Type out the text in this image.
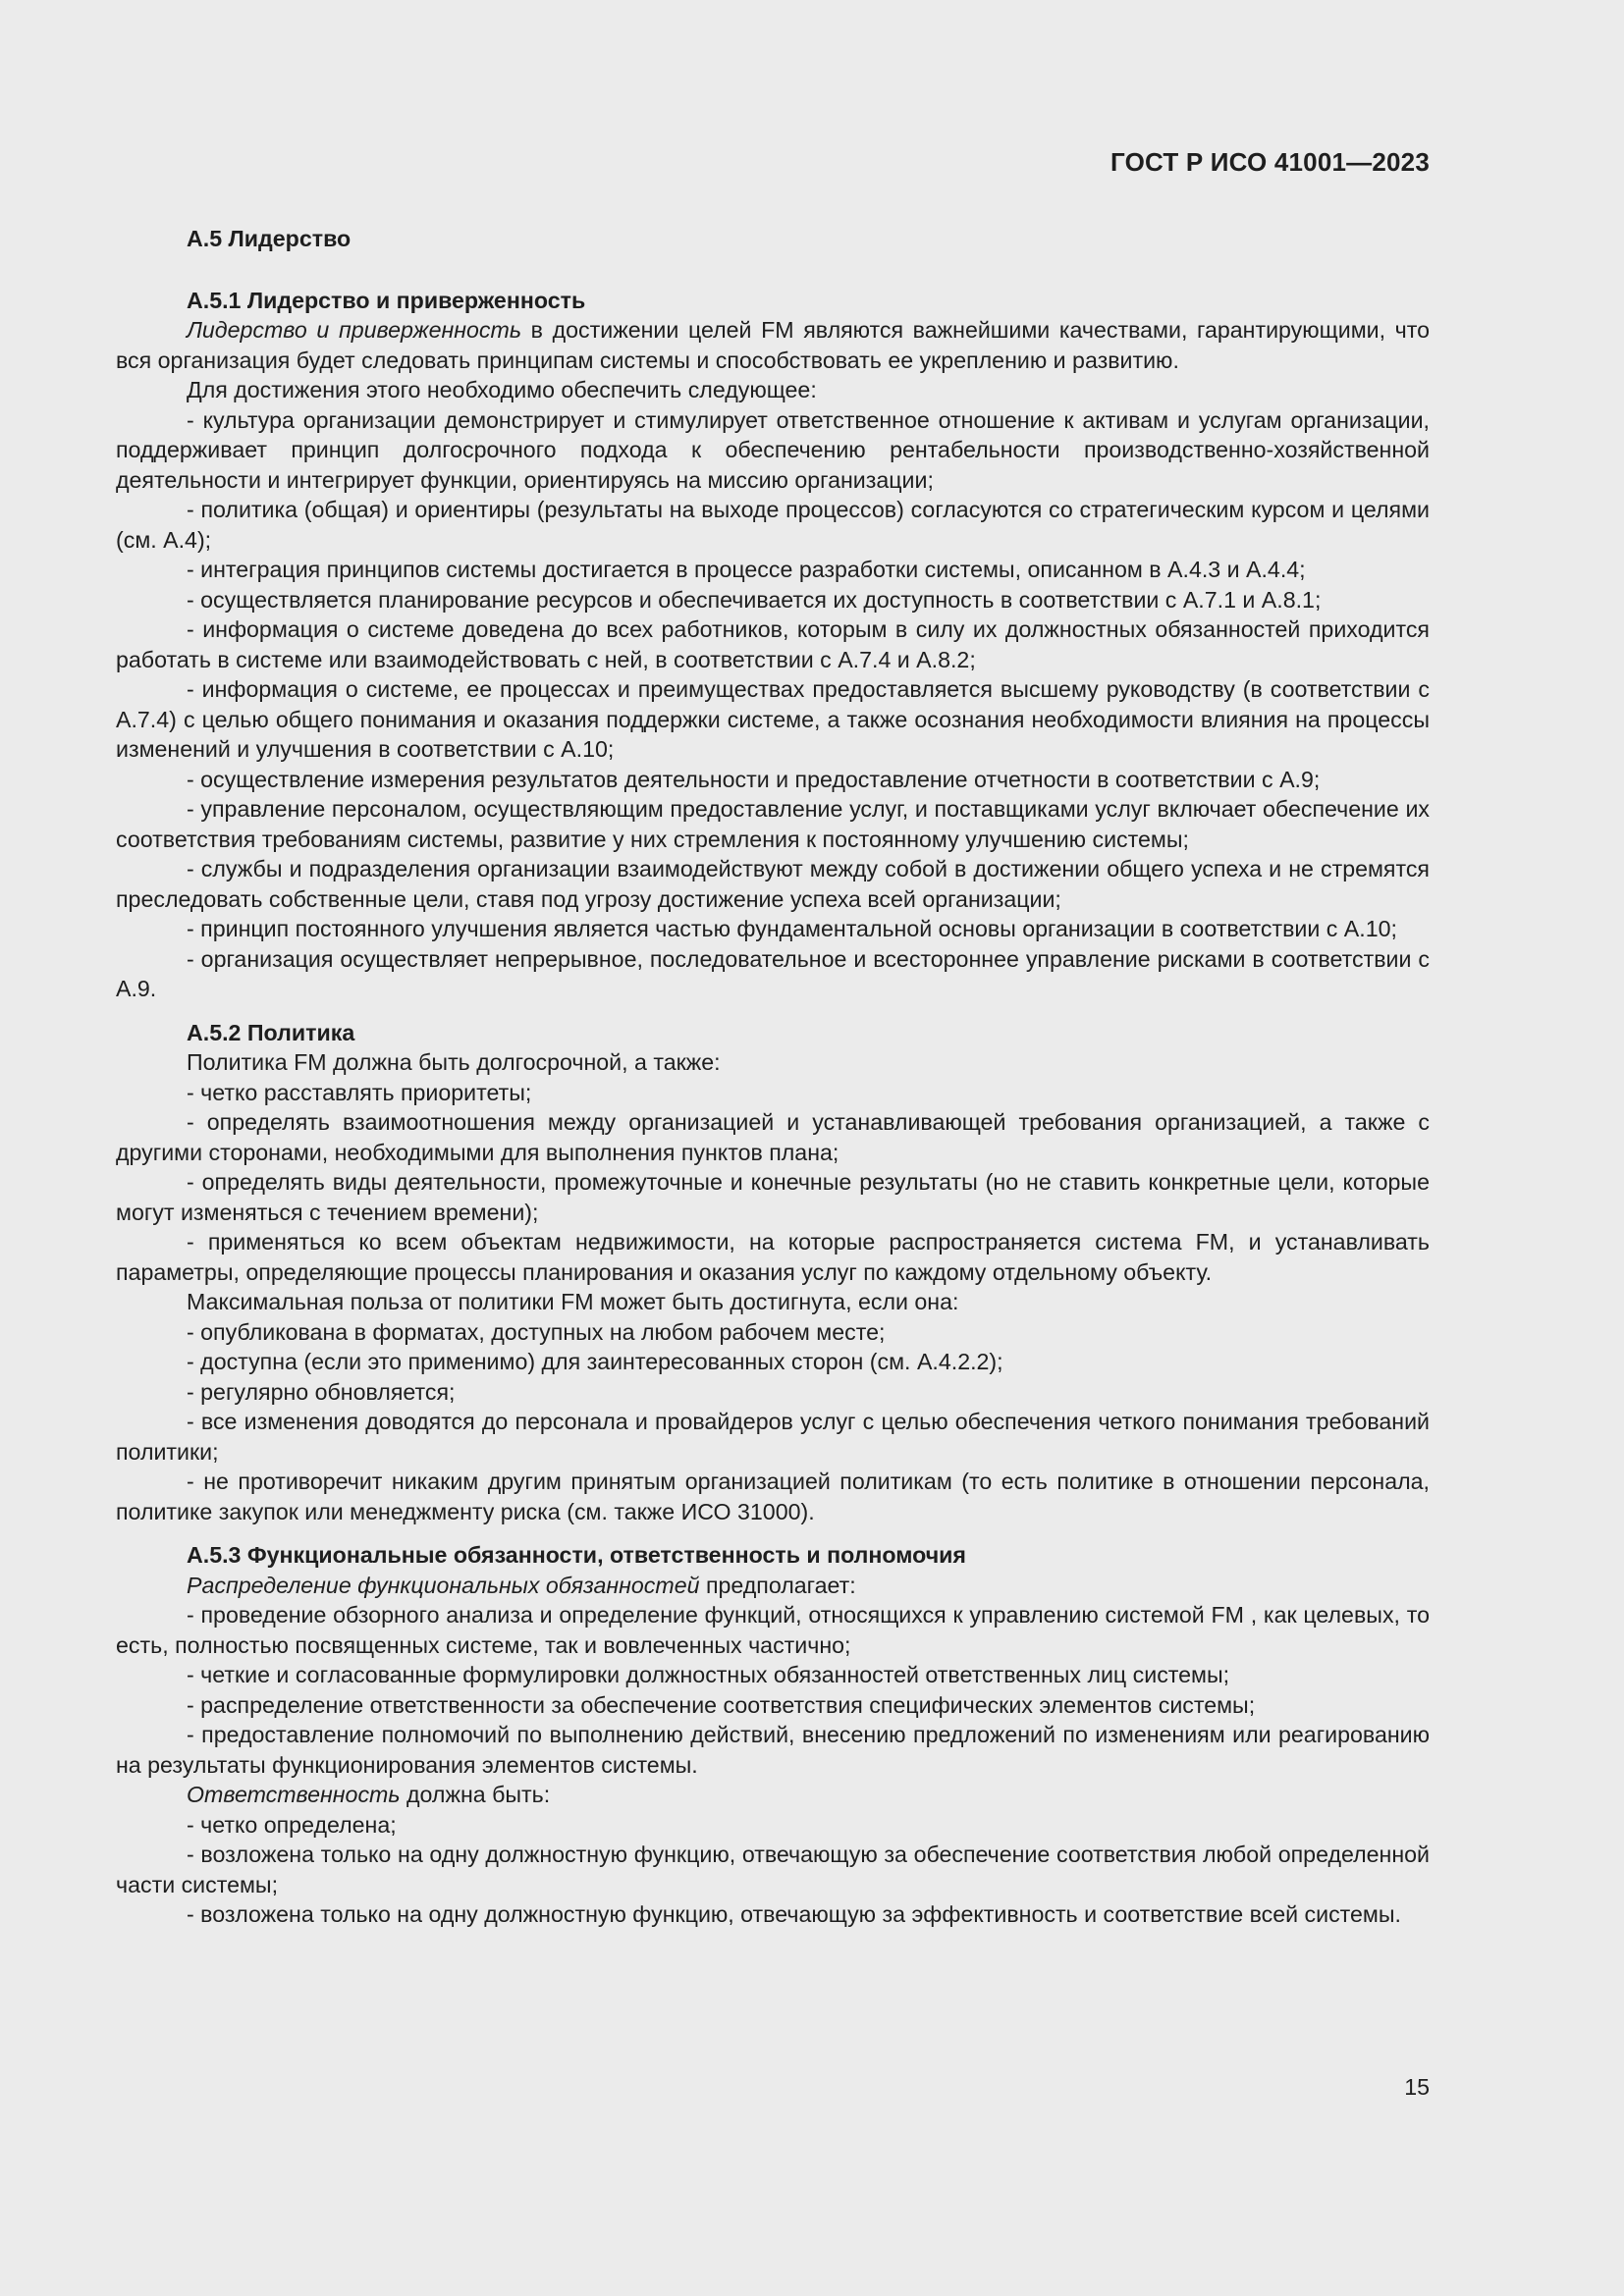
ГОСТ Р ИСО 41001—2023
А.5 Лидерство
А.5.1 Лидерство и приверженность

Лидерство и приверженность в достижении целей FM являются важнейшими качествами, гарантирующими, что вся организация будет следовать принципам системы и способствовать ее укреплению и развитию.

Для достижения этого необходимо обеспечить следующее:

- культура организации демонстрирует и стимулирует ответственное отношение к активам и услугам организации, поддерживает принцип долгосрочного подхода к обеспечению рентабельности производственно-хозяйственной деятельности и интегрирует функции, ориентируясь на миссию организации;

- политика (общая) и ориентиры (результаты на выходе процессов) согласуются со стратегическим курсом и целями (см. А.4);

- интеграция принципов системы достигается в процессе разработки системы, описанном в А.4.3 и А.4.4;

- осуществляется планирование ресурсов и обеспечивается их доступность в соответствии с А.7.1 и А.8.1;

- информация о системе доведена до всех работников, которым в силу их должностных обязанностей приходится работать в системе или взаимодействовать с ней, в соответствии с А.7.4 и А.8.2;

- информация о системе, ее процессах и преимуществах предоставляется высшему руководству (в соответствии с А.7.4) с целью общего понимания и оказания поддержки системе, а также осознания необходимости влияния на процессы изменений и улучшения в соответствии с А.10;

- осуществление измерения результатов деятельности и предоставление отчетности в соответствии с А.9;

- управление персоналом, осуществляющим предоставление услуг, и поставщиками услуг включает обеспечение их соответствия требованиям системы, развитие у них стремления к постоянному улучшению системы;

- службы и подразделения организации взаимодействуют между собой в достижении общего успеха и не стремятся преследовать собственные цели, ставя под угрозу достижение успеха всей организации;

- принцип постоянного улучшения является частью фундаментальной основы организации в соответствии с А.10;

- организация осуществляет непрерывное, последовательное и всестороннее управление рисками в соответствии с А.9.

А.5.2 Политика

Политика FM должна быть долгосрочной, а также:

- четко расставлять приоритеты;

- определять взаимоотношения между организацией и устанавливающей требования организацией, а также с другими сторонами, необходимыми для выполнения пунктов плана;

- определять виды деятельности, промежуточные и конечные результаты (но не ставить конкретные цели, которые могут изменяться с течением времени);

- применяться ко всем объектам недвижимости, на которые распространяется система FM, и устанавливать параметры, определяющие процессы планирования и оказания услуг по каждому отдельному объекту.

Максимальная польза от политики FM может быть достигнута, если она:

- опубликована в форматах, доступных на любом рабочем месте;

- доступна (если это применимо) для заинтересованных сторон (см. А.4.2.2);

- регулярно обновляется;

- все изменения доводятся до персонала и провайдеров услуг с целью обеспечения четкого понимания требований политики;

- не противоречит никаким другим принятым организацией политикам (то есть политике в отношении персонала, политике закупок или менеджменту риска (см. также ИСО 31000).

А.5.3 Функциональные обязанности, ответственность и полномочия

Распределение функциональных обязанностей предполагает:

- проведение обзорного анализа и определение функций, относящихся к управлению системой FM , как целевых, то есть, полностью посвященных системе, так и вовлеченных частично;

- четкие и согласованные формулировки должностных обязанностей ответственных лиц системы;

- распределение ответственности за обеспечение соответствия специфических элементов системы;

- предоставление полномочий по выполнению действий, внесению предложений по изменениям или реагированию на результаты функционирования элементов системы.

Ответственность должна быть:

- четко определена;

- возложена только на одну должностную функцию, отвечающую за обеспечение соответствия любой определенной части системы;

- возложена только на одну должностную функцию, отвечающую за эффективность и соответствие всей системы.

15
